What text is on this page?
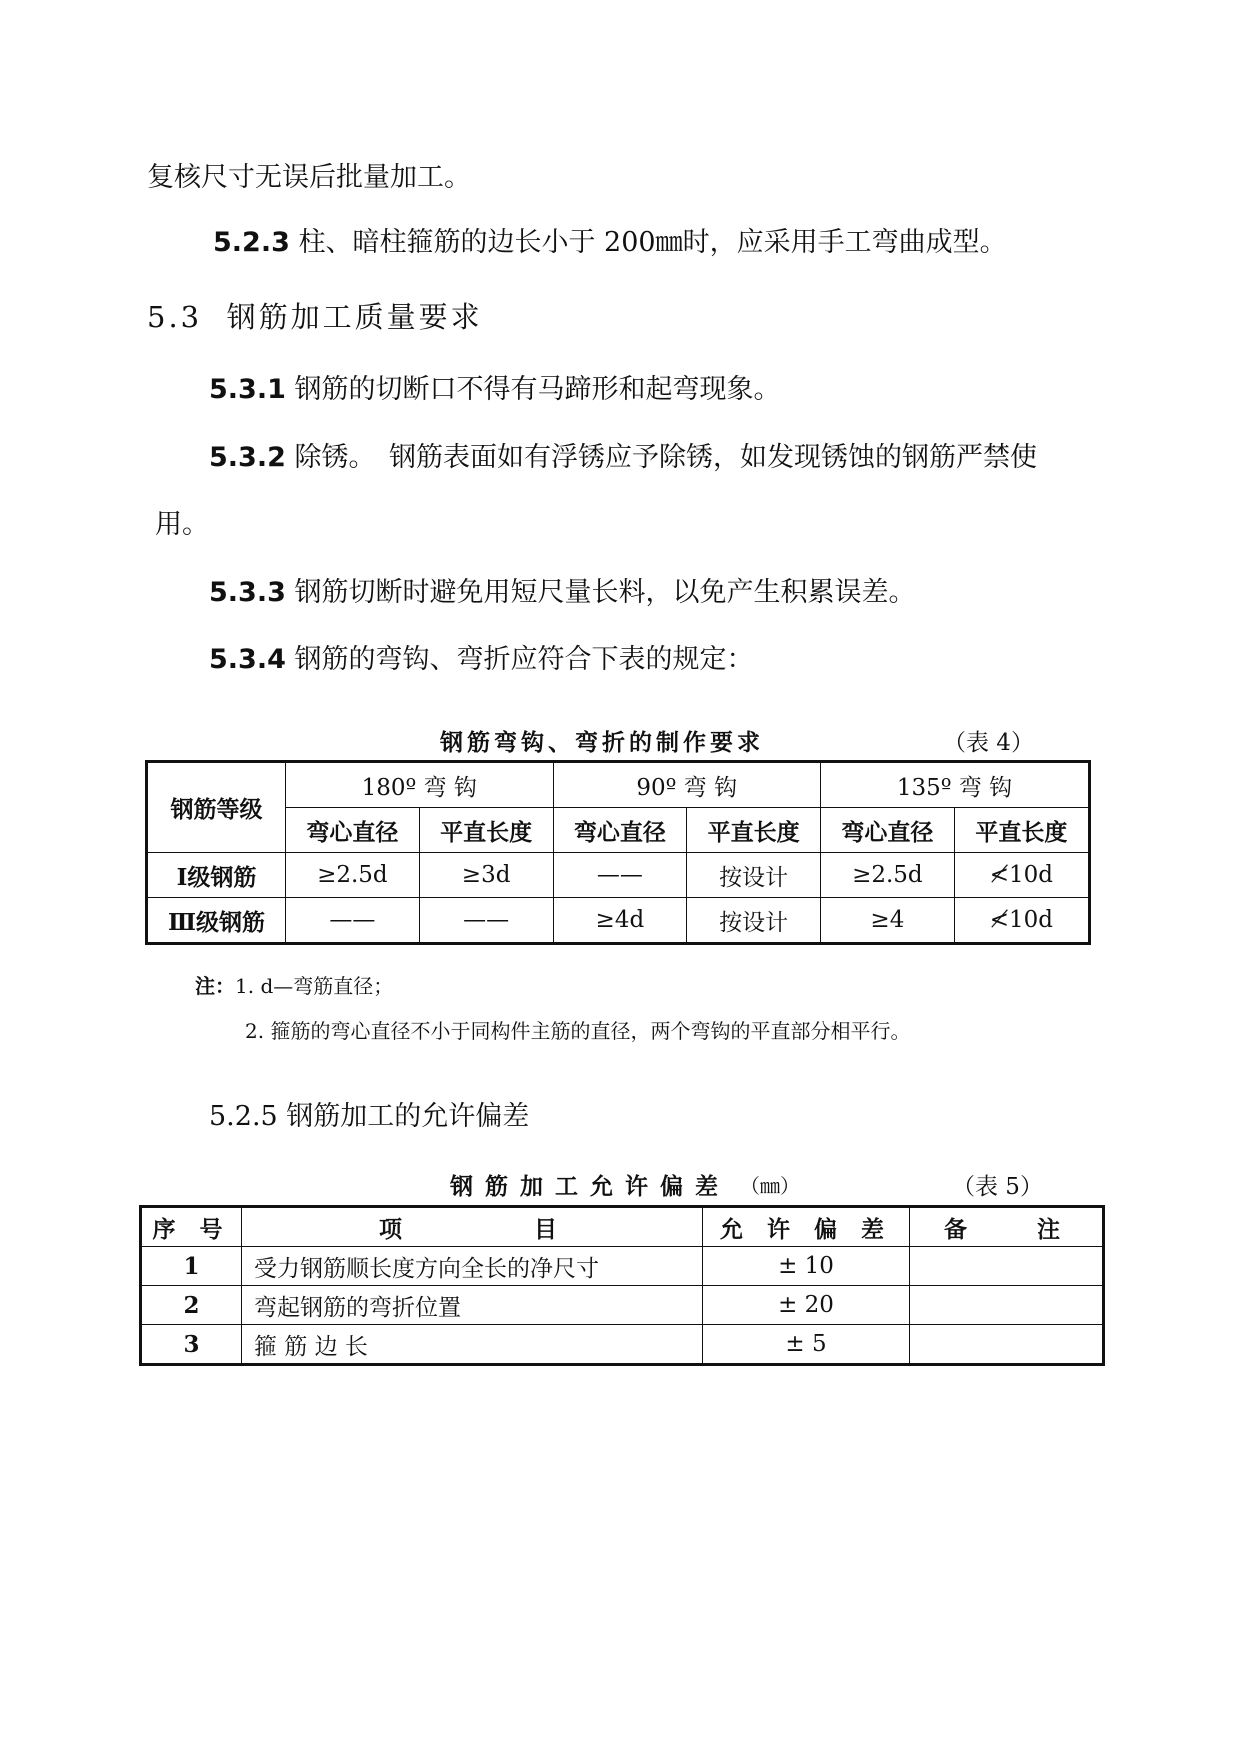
复核尺寸无误后批量加工。
5.2.3 柱、暗柱箍筋的边长小于 200㎜时，应采用手工弯曲成型。
5.3 钢筋加工质量要求
5.3.1 钢筋的切断口不得有马蹄形和起弯现象。
5.3.2 除锈。　钢筋表面如有浮锈应予除锈，如发现锈蚀的钢筋严禁使
用。
5.3.3 钢筋切断时避免用短尺量长料，以免产生积累误差。
5.3.4 钢筋的弯钩、弯折应符合下表的规定：
钢筋弯钩、弯折的制作要求	（表 4）
钢筋等级	180º 弯 钩		90º 弯 钩		135º 弯 钩	
	弯心直径	平直长度	弯心直径	平直长度	弯心直径	平直长度
Ⅰ级钢筋	≥2.5d	≥3d	——	按设计	≥2.5d	≮10d
Ⅲ级钢筋	——	——	≥4d	按设计	≥4	≮10d
注：1. d—弯筋直径；
2. 箍筋的弯心直径不小于同构件主筋的直径，两个弯钩的平直部分相平行。
5.2.5 钢筋加工的允许偏差
钢筋加工允许偏差 （㎜）	（表 5）
序 号	项　　　　目	允 许 偏 差	备　　注
1	受力钢筋顺长度方向全长的净尺寸	± 10	
2	弯起钢筋的弯折位置	± 20	
3	箍 筋 边 长	± 5	
